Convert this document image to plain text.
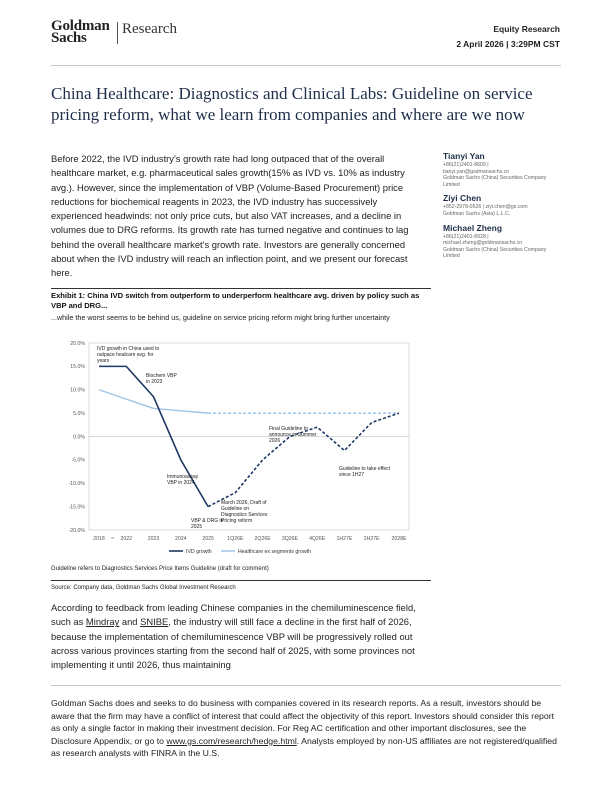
Goldman
Sachs
Research	Equity Research
2 April 2026 | 3:29PM CST
China Healthcare: Diagnostics and Clinical Labs: Guideline on service pricing reform, what we learn from companies and where are we now
Before 2022, the IVD industry's growth rate had long outpaced that of the overall healthcare market, e.g. pharmaceutical sales growth(15% as IVD vs. 10% as industry avg.). However, since the implementation of VBP (Volume-Based Procurement) price reductions for biochemical reagents in 2023, the IVD industry has successively experienced headwinds: not only price cuts, but also VAT increases, and a decline in volumes due to DRG reforms. Its growth rate has turned negative and continues to lag behind the overall healthcare market's growth rate. Investors are generally concerned about when the IVD industry will reach an inflection point, and we present our forecast here.
Tianyi Yan
+86(21)2401-8609 |
tianyi.yan@gsdmansachs.cn
Goldman Sachs (China) Securities Company Limited
Ziyi Chen
+852-2978-0526 | ziyi.chen@gs.com
Goldman Sachs (Asia) L.L.C.
Michael Zheng
+86(21)2401-8928 |
michael.zheng@goldmansachs.cn
Goldman Sachs (China) Securities Company Limited
Exhibit 1: China IVD switch from outperform to underperform healthcare avg. driven by policy such as VBP and DRG...
...while the worst seems to be behind us, guideline on service pricing reform might bring further uncertainty
20.0%
15.0%
10.0%
5.0%
0.0%
-5.0%
-10.0%
-15.0%
-20.0%
2018	2022	2023	2024	2025	1Q26E 2Q26E 3Q26E 4Q26E 1H27E 2H27E 2028E
IVD growth in China used to
outpace healcare avg. for
years
Biochem VBP
in 2023
Final Guideline to
announce in Summer
2026
Guideline to take effect
since 1H27
Immunoassay
VBP in 2024
March 2026, Draft of
Guideline on
Diagnostics Services
Pricing reform
VBP & DRG in
2025
IVD growth	Healthcare ex segments growth
Guideline refers to Diagnostics Services Price Items Guideline (draft for comment)
Source: Company data, Goldman Sachs Global Investment Research
According to feedback from leading Chinese companies in the chemiluminescence field, such as Mindray and SNIBE, the industry will still face a decline in the first half of 2026, because the implementation of chemiluminescence VBP will be progressively rolled out across various provinces starting from the second half of 2025, with some provinces not implementing it until 2026, thus maintaining
Goldman Sachs does and seeks to do business with companies covered in its research reports. As a result, investors should be aware that the firm may have a conflict of interest that could affect the objectivity of this report. Investors should consider this report as only a single factor in making their investment decision. For Reg AC certification and other important disclosures, see the Disclosure Appendix, or go to www.gs.com/research/hedge.html. Analysts employed by non-US affiliates are not registered/qualified as research analysts with FINRA in the U.S.
